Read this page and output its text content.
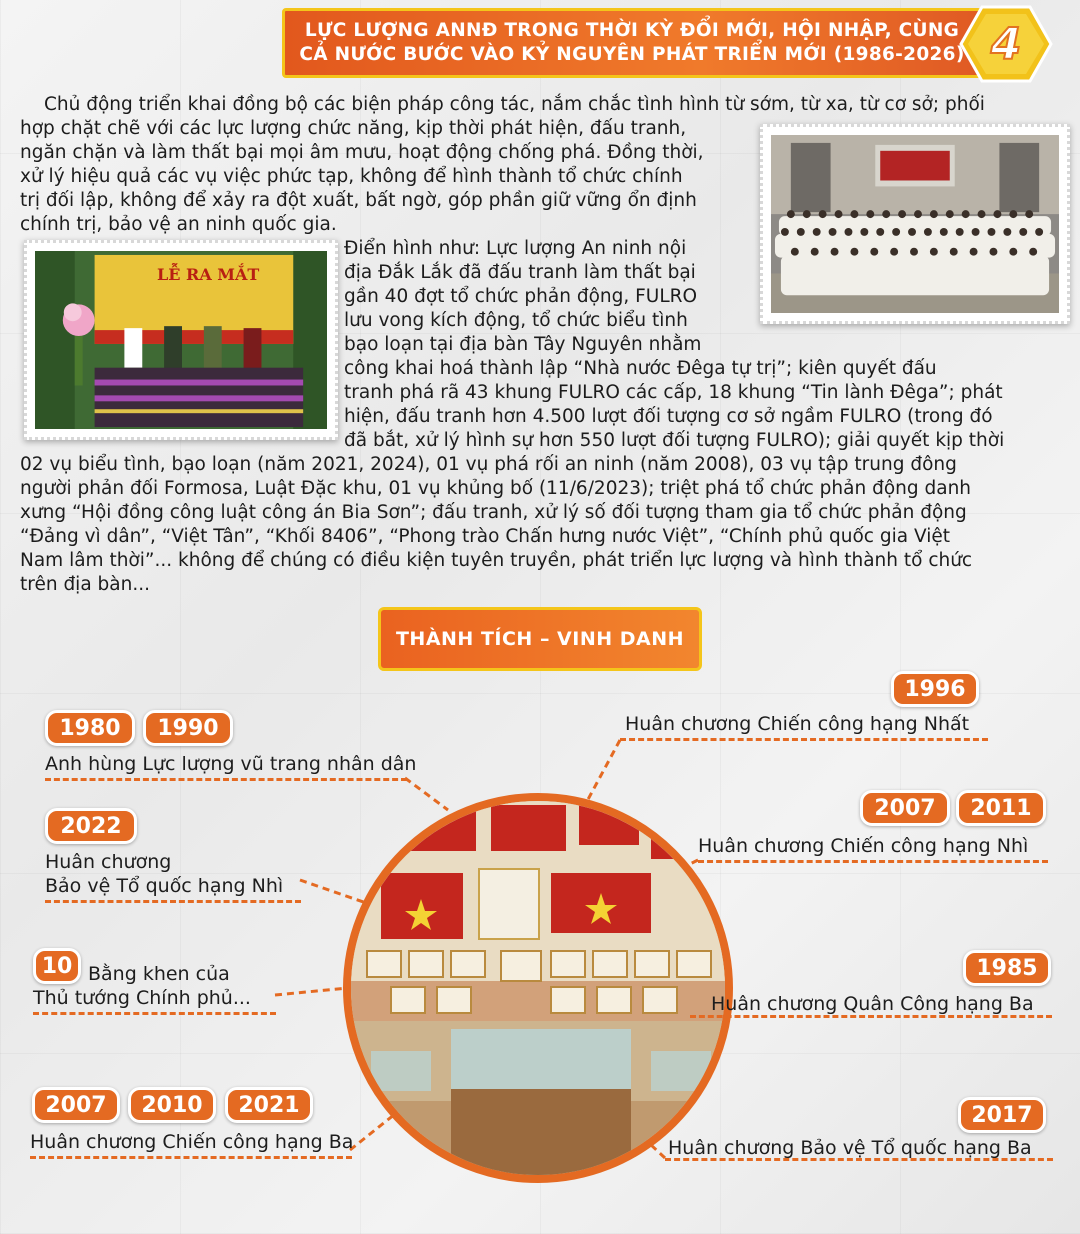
LỰC LƯỢNG ANNĐ TRONG THỜI KỲ ĐỔI MỚI, HỘI NHẬP, CÙNG
CẢ NƯỚC BƯỚC VÀO KỶ NGUYÊN PHÁT TRIỂN MỚI (1986-2026) 4
Chủ động triển khai đồng bộ các biện pháp công tác, nắm chắc tình hình từ sớm, từ xa, từ cơ sở; phối
hợp chặt chẽ với các lực lượng chức năng, kịp thời phát hiện, đấu tranh,
ngăn chặn và làm thất bại mọi âm mưu, hoạt động chống phá. Đồng thời,
xử lý hiệu quả các vụ việc phức tạp, không để hình thành tổ chức chính
trị đối lập, không để xảy ra đột xuất, bất ngờ, góp phần giữ vững ổn định
chính trị, bảo vệ an ninh quốc gia.
Điển hình như: Lực lượng An ninh nội
địa Đắk Lắk đã đấu tranh làm thất bại
gần 40 đợt tổ chức phản động, FULRO
lưu vong kích động, tổ chức biểu tình
bạo loạn tại địa bàn Tây Nguyên nhằm
công khai hoá thành lập “Nhà nước Đêga tự trị”; kiên quyết đấu
tranh phá rã 43 khung FULRO các cấp, 18 khung “Tin lành Đêga”; phát
hiện, đấu tranh hơn 4.500 lượt đối tượng cơ sở ngầm FULRO (trong đó
đã bắt, xử lý hình sự hơn 550 lượt đối tượng FULRO); giải quyết kịp thời
02 vụ biểu tình, bạo loạn (năm 2021, 2024), 01 vụ phá rối an ninh (năm 2008), 03 vụ tập trung đông
người phản đối Formosa, Luật Đặc khu, 01 vụ khủng bố (11/6/2023); triệt phá tổ chức phản động danh
xưng “Hội đồng công luật công án Bia Sơn”; đấu tranh, xử lý số đối tượng tham gia tổ chức phản động
“Đảng vì dân”, “Việt Tân”, “Khối 8406”, “Phong trào Chấn hưng nước Việt”, “Chính phủ quốc gia Việt
Nam lâm thời”... không để chúng có điều kiện tuyên truyền, phát triển lực lượng và hình thành tổ chức
trên địa bàn...
LỄ RA MẮT
THÀNH TÍCH – VINH DANH
1980	1990
Anh hùng Lực lượng vũ trang nhân dân
2022
Huân chương
Bảo vệ Tổ quốc hạng Nhì
10 Bằng khen của
Thủ tướng Chính phủ...
2007	2010	2021
Huân chương Chiến công hạng Ba
1996
Huân chương Chiến công hạng Nhất
2007	2011
Huân chương Chiến công hạng Nhì
1985
Huân chương Quân Công hạng Ba
2017
Huân chương Bảo vệ Tổ quốc hạng Ba
